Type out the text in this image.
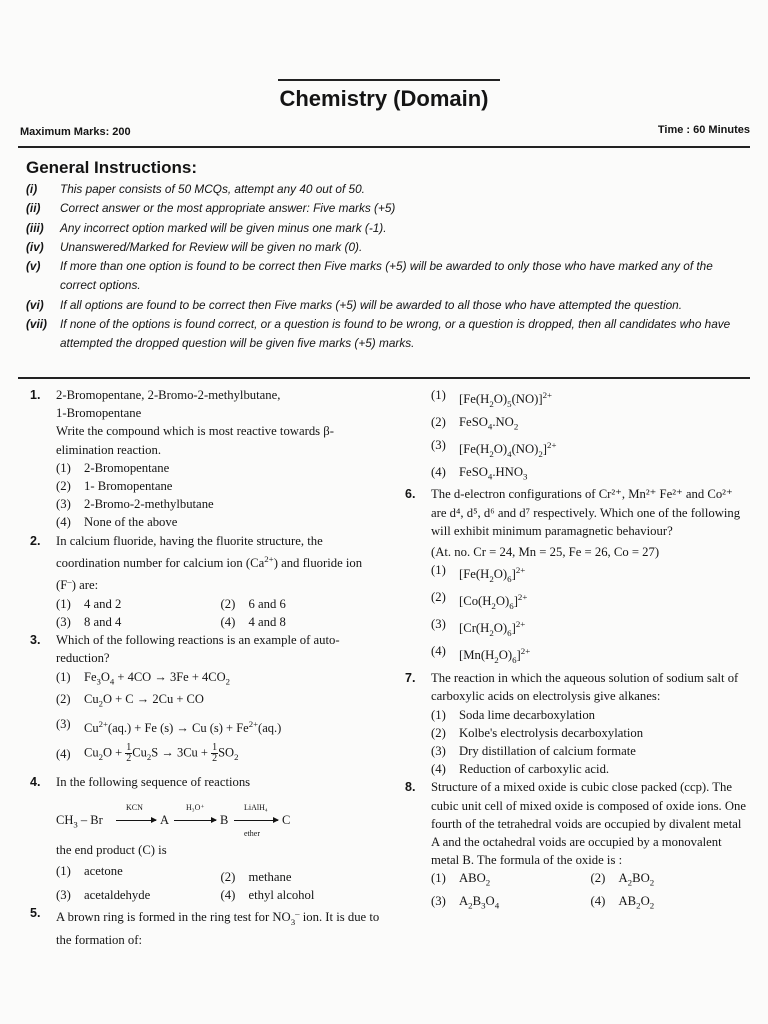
Chemistry (Domain)
Maximum Marks: 200	Time : 60 Minutes
General Instructions:
(i)	This paper consists of 50 MCQs, attempt any 40 out of 50.
(ii)	Correct answer or the most appropriate answer: Five marks (+5)
(iii)	Any incorrect option marked will be given minus one mark (-1).
(iv)	Unanswered/Marked for Review will be given no mark (0).
(v)	If more than one option is found to be correct then Five marks (+5) will be awarded to only those who have marked any of the correct options.
(vi)	If all options are found to be correct then Five marks (+5) will be awarded to all those who have attempted the question.
(vii)	If none of the options is found correct, or a question is found to be wrong, or a question is dropped, then all candidates who have attempted the dropped question will be given five marks (+5) marks.
1.	2-Bromopentane, 2-Bromo-2-methylbutane,
1-Bromopentane
Write the compound which is most reactive towards β-elimination reaction.
(1)	2-Bromopentane
(2)	1- Bromopentane
(3)	2-Bromo-2-methylbutane
(4)	None of the above
2.	In calcium fluoride, having the fluorite structure, the coordination number for calcium ion $(Ca^{2+})$ and fluoride ion (F–) are:
(1)	4 and 2	(2)	6 and 6
(3)	8 and 4	(4)	4 and 8
3.	Which of the following reactions is an example of auto-reduction?
(1)	$Fe_3O_4 + 4CO \to 3Fe + 4CO_2$
(2)	$Cu_2O + C \to 2Cu$ + CO
(3)	$Cu^{2+}(aq.) + Fe$ (s) → Cu $(s) + Fe^{2+}(aq.)$
(4)	$Cu_2O + 1$
$2Cu_2S \to 3Cu + 1$
$2SO_2$
4.	In the following sequence of reactions
$CH_3$ – Br
KCN
→ A
H₃O⁺
→ B
LiAlH₄
ether
C
the end product (C) is
(1)	acetone	(2)	methane
(3)	acetaldehyde	(4)	ethyl alcohol
5.	A brown ring is formed in the ring test for $NO_3^-$ ion. It is due to the formation of:
(1)	$[Fe(H_2O)_5(NO)]^{2+}$
(2)	$FeSO_4.NO_2$
(3)	$[Fe(H_2O)_4(NO)_2]^{2+}$
(4)	$FeSO_4.HNO_3$
6.	The d-electron configurations of Cr²⁺, Mn²⁺ Fe²⁺ and Co²⁺ are d⁴, d⁵, d⁶ and d⁷ respectively. Which one of the following will exhibit minimum paramagnetic behaviour?
(At. no. Cr = 24, Mn = 25, Fe = 26, Co = 27)
(1)	$[Fe(H_2O)_6]^{2+}$
(2)	$[Co(H_2O)_6]^{2+}$
(3)	$[Cr(H_2O)_6]^{2+}$
(4)	$[Mn(H_2O)_6]^{2+}$
7.	The reaction in which the aqueous solution of sodium salt of carboxylic acids on electrolysis give alkanes:
(1)	Soda lime decarboxylation
(2)	Kolbe's electrolysis decarboxylation
(3)	Dry distillation of calcium formate
(4)	Reduction of carboxylic acid.
8.	Structure of a mixed oxide is cubic close packed (ccp). The cubic unit cell of mixed oxide is composed of oxide ions. One fourth of the tetrahedral voids are occupied by divalent metal A and the octahedral voids are occupied by a monovalent metal B. The formula of the oxide is :
(1)	$ABO_2$	(2)	$A_2BO_2$
(3)	$A_2B_3O_4$	(4)	$AB_2O_2$
